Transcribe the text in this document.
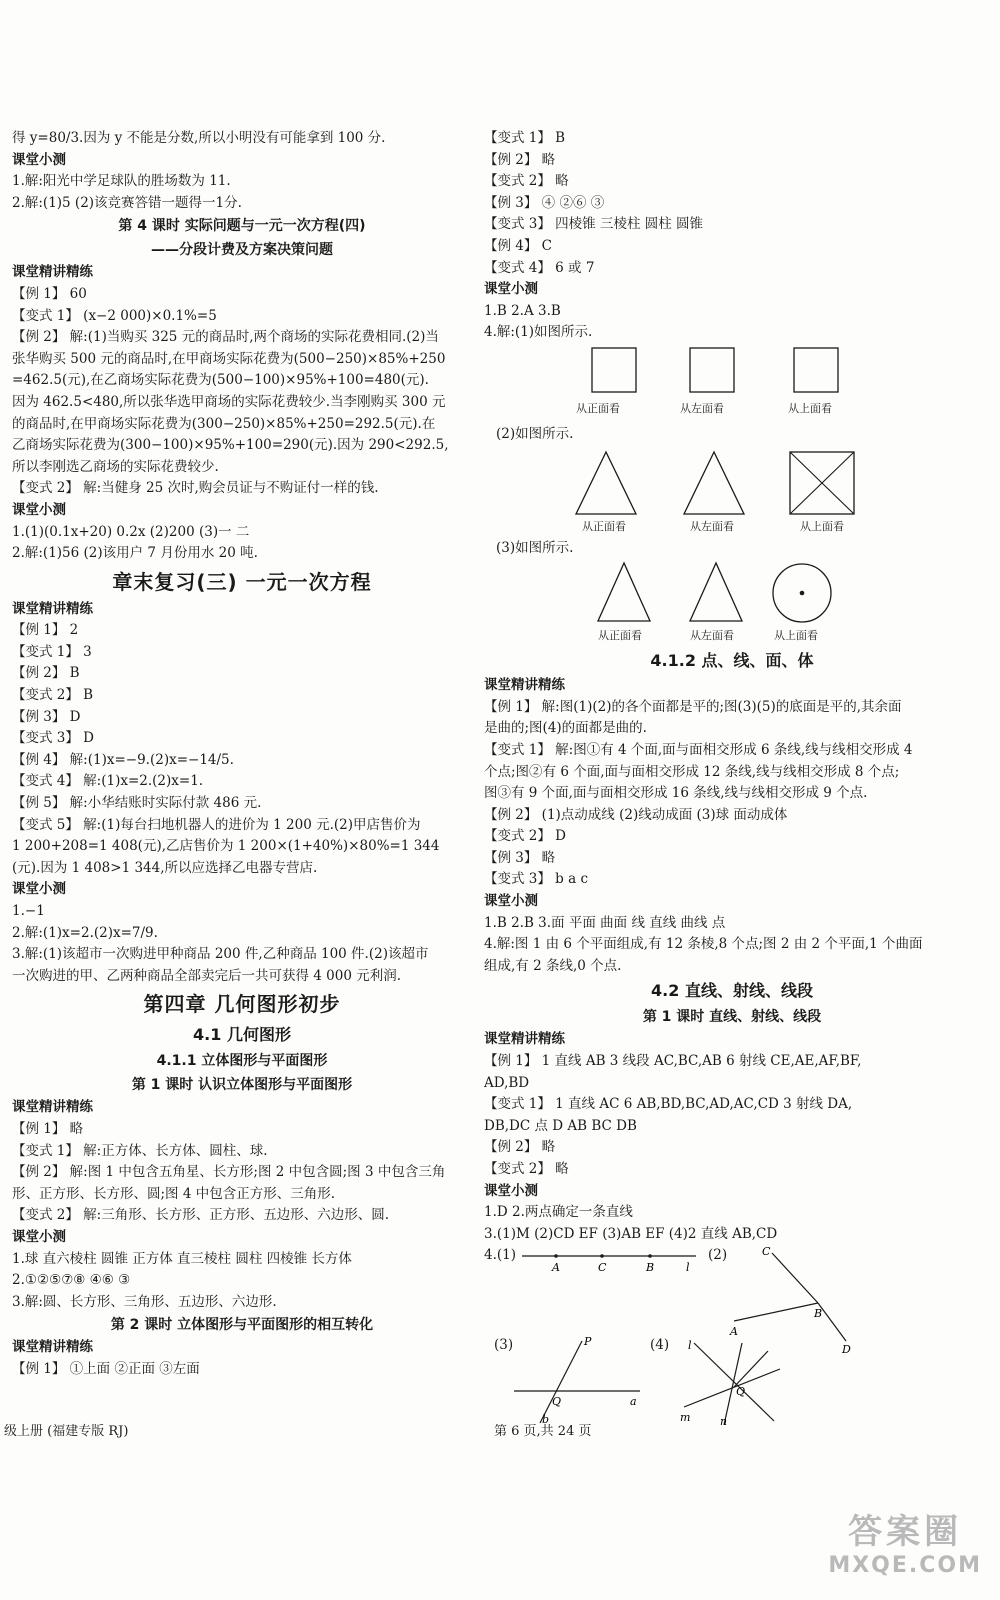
得 y=80/3.因为 y 不能是分数,所以小明没有可能拿到 100 分.
课堂小测
1.解:阳光中学足球队的胜场数为 11.
2.解:(1)5 (2)该竞赛答错一题得一1分.
第 4 课时 实际问题与一元一次方程(四)
——分段计费及方案决策问题
课堂精讲精练
【例 1】 60
【变式 1】 (x−2 000)×0.1%=5
【例 2】 解:(1)当购买 325 元的商品时,两个商场的实际花费相同.(2)当
张华购买 500 元的商品时,在甲商场实际花费为(500−250)×85%+250
=462.5(元),在乙商场实际花费为(500−100)×95%+100=480(元).
因为 462.5<480,所以张华选甲商场的实际花费较少.当李刚购买 300 元
的商品时,在甲商场实际花费为(300−250)×85%+250=292.5(元).在
乙商场实际花费为(300−100)×95%+100=290(元).因为 290<292.5,
所以李刚选乙商场的实际花费较少.
【变式 2】 解:当健身 25 次时,购会员证与不购证付一样的钱.
课堂小测
1.(1)(0.1x+20) 0.2x (2)200 (3)一 二
2.解:(1)56 (2)该用户 7 月份用水 20 吨.
章末复习(三) 一元一次方程
课堂精讲精练
【例 1】 2
【变式 1】 3
【例 2】 B
【变式 2】 B
【例 3】 D
【变式 3】 D
【例 4】 解:(1)x=−9.(2)x=−14/5.
【变式 4】 解:(1)x=2.(2)x=1.
【例 5】 解:小华结账时实际付款 486 元.
【变式 5】 解:(1)每台扫地机器人的进价为 1 200 元.(2)甲店售价为
1 200+208=1 408(元),乙店售价为 1 200×(1+40%)×80%=1 344
(元).因为 1 408>1 344,所以应选择乙电器专营店.
课堂小测
1.−1
2.解:(1)x=2.(2)x=7/9.
3.解:(1)该超市一次购进甲种商品 200 件,乙种商品 100 件.(2)该超市
一次购进的甲、乙两种商品全部卖完后一共可获得 4 000 元利润.
第四章 几何图形初步
4.1 几何图形
4.1.1 立体图形与平面图形
第 1 课时 认识立体图形与平面图形
课堂精讲精练
【例 1】 略
【变式 1】 解:正方体、长方体、圆柱、球.
【例 2】 解:图 1 中包含五角星、长方形;图 2 中包含圆;图 3 中包含三角
形、正方形、长方形、圆;图 4 中包含正方形、三角形.
【变式 2】 解:三角形、长方形、正方形、五边形、六边形、圆.
课堂小测
1.球 直六棱柱 圆锥 正方体 直三棱柱 圆柱 四棱锥 长方体
2.①②⑤⑦⑧ ④⑥ ③
3.解:圆、长方形、三角形、五边形、六边形.
第 2 课时 立体图形与平面图形的相互转化
课堂精讲精练
【例 1】 ①上面 ②正面 ③左面
【变式 1】 B
【例 2】 略
【变式 2】 略
【例 3】 ④ ②⑥ ③
【变式 3】 四棱锥 三棱柱 圆柱 圆锥
【例 4】 C
【变式 4】 6 或 7
课堂小测
1.B 2.A 3.B
4.解:(1)如图所示.
从正面看	从左面看	从上面看
(2)如图所示.
从正面看	从左面看	从上面看
(3)如图所示.
从正面看	从左面看	从上面看
4.1.2 点、线、面、体
课堂精讲精练
【例 1】 解:图(1)(2)的各个面都是平的;图(3)(5)的底面是平的,其余面
是曲的;图(4)的面都是曲的.
【变式 1】 解:图①有 4 个面,面与面相交形成 6 条线,线与线相交形成 4
个点;图②有 6 个面,面与面相交形成 12 条线,线与线相交形成 8 个点;
图③有 9 个面,面与面相交形成 16 条线,线与线相交形成 9 个点.
【例 2】 (1)点动成线 (2)线动成面 (3)球 面动成体
【变式 2】 D
【例 3】 略
【变式 3】 b a c
课堂小测
1.B 2.B 3.面 平面 曲面 线 直线 曲线 点
4.解:图 1 由 6 个平面组成,有 12 条棱,8 个点;图 2 由 2 个平面,1 个曲面
组成,有 2 条线,0 个点.
4.2 直线、射线、线段
第 1 课时 直线、射线、线段
课堂精讲精练
【例 1】 1 直线 AB 3 线段 AC,BC,AB 6 射线 CE,AE,AF,BF,
AD,BD
【变式 1】 1 直线 AC 6 AB,BD,BC,AD,AC,CD 3 射线 DA,
DB,DC 点 D AB BC DB
【例 2】 略
【变式 2】 略
课堂小测
1.D 2.两点确定一条直线
3.(1)M (2)CD EF (3)AB EF (4)2 直线 AB,CD
4.(1)	(2)
(3)	(4)
A	C	B	l
C
B
A
D
P
Q	a
b
l
Q
m	n
级上册 (福建专版 RJ)	第 6 页,共 24 页
答案圈
MXQE.COM
